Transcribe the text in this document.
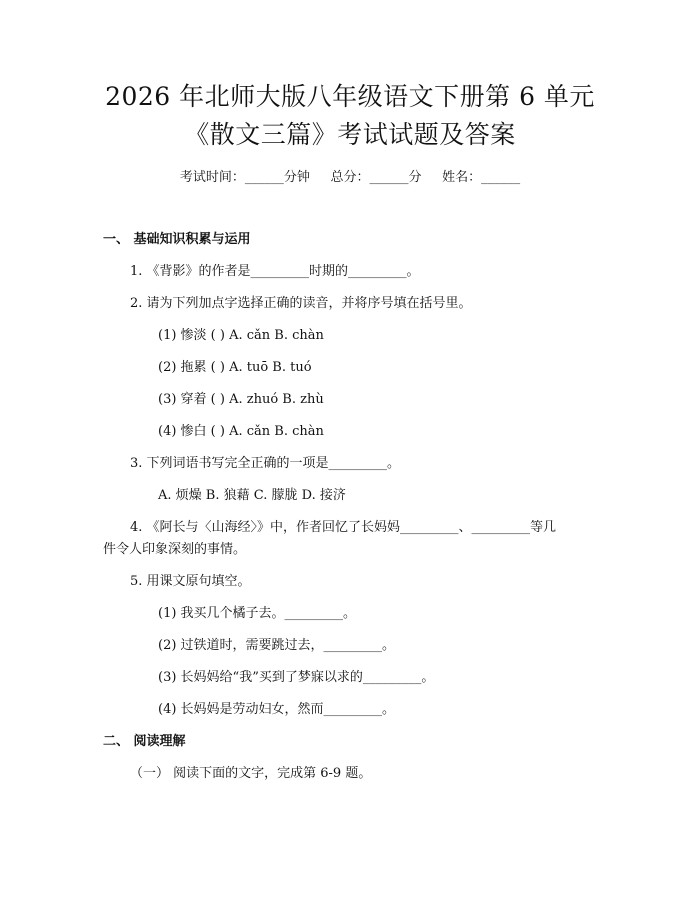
2026 年北师大版八年级语文下册第 6 单元
《散文三篇》考试试题及答案
考试时间：______分钟     总分：______分     姓名：______
一、 基础知识积累与运用
1. 《背影》的作者是_________时期的_________。
2. 请为下列加点字选择正确的读音，并将序号填在括号里。
(1) 惨淡 ( ) A. cǎn B. chàn
(2) 拖累 ( ) A. tuō B. tuó
(3) 穿着 ( ) A. zhuó B. zhù
(4) 惨白 ( ) A. cǎn B. chàn
3. 下列词语书写完全正确的一项是_________。
A. 烦燥 B. 狼藉 C. 朦胧 D. 接济
4. 《阿长与〈山海经〉》中，作者回忆了长妈妈_________、_________等几
件令人印象深刻的事情。
5. 用课文原句填空。
(1) 我买几个橘子去。_________。
(2) 过铁道时，需要跳过去，_________。
(3) 长妈妈给“我”买到了梦寐以求的_________。
(4) 长妈妈是劳动妇女，然而_________。
二、 阅读理解
（一） 阅读下面的文字，完成第 6-9 题。
